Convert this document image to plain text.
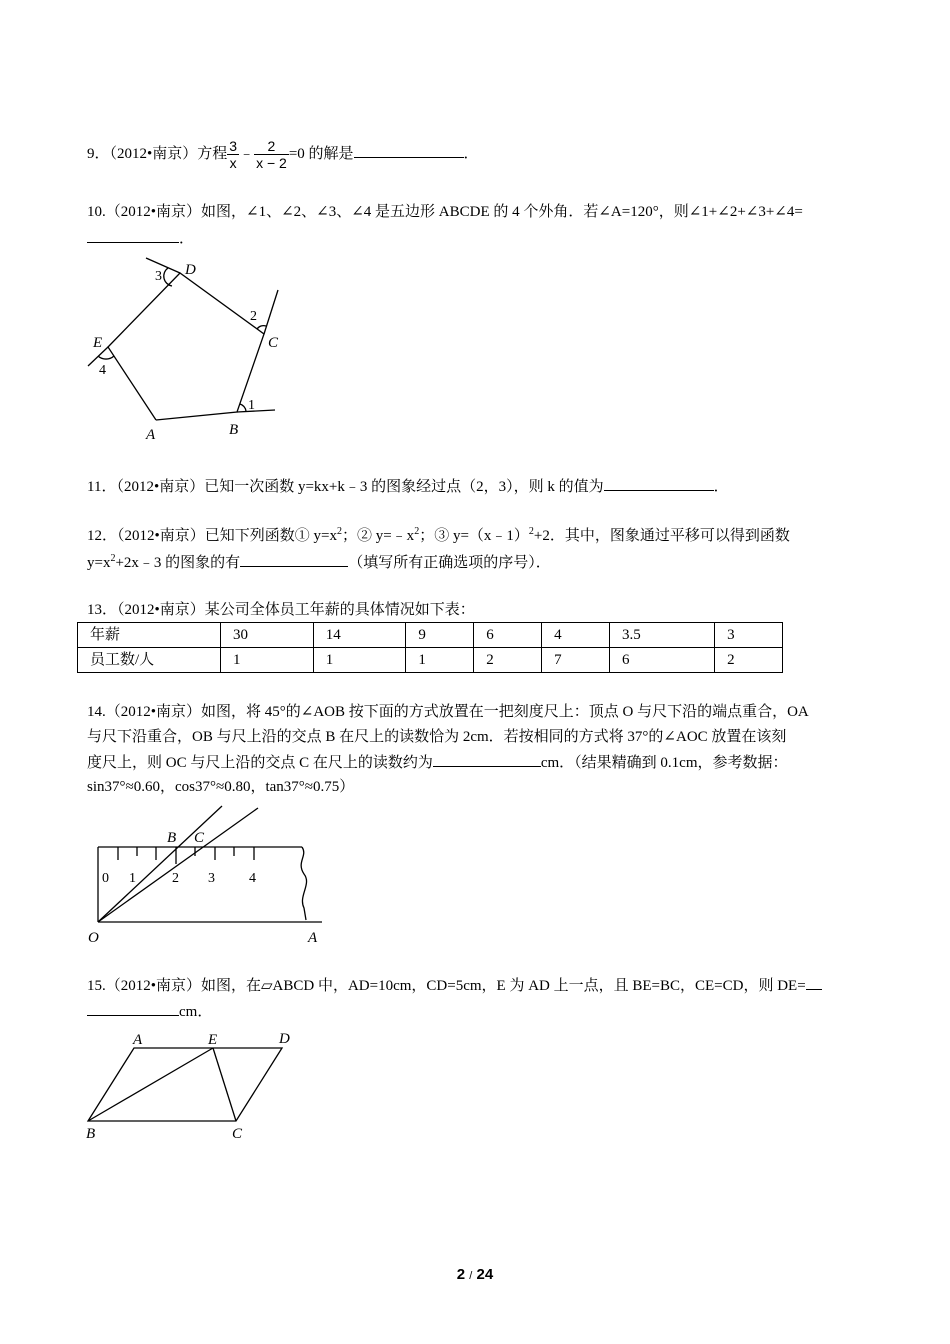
9．（2012•南京）方程 $\frac{3}{x}$ ﹣ $\frac{2}{x - 2} =0$ 的解是	．
10.（2012•南京）如图，∠1、∠2、∠3、∠4 是五边形 ABCDE 的 4 个外角．若∠A=120°，则∠1+∠2+∠3+∠4=
．
A	B
C
D
E
1
2
3
4
11．（2012•南京）已知一次函数 y=kx+k﹣3 的图象经过点（2，3），则 k 的值为	．
12．（2012•南京）已知下列函数① $y=x^2$；② $y=﹣x^2$；③ y=（x﹣1）$^2$+2．其中，图象通过平移可以得到函数
$y=x^2+2x﹣3$ 的图象的有	（填写所有正确选项的序号）．
13．（2012•南京）某公司全体员工年薪的具体情况如下表：
年薪	30	14	9	6	4	3.5	3
员工数/人	1	1	1	2	7	6	2
14.（2012•南京）如图，将 45°的∠AOB 按下面的方式放置在一把刻度尺上：顶点 O 与尺下沿的端点重合，OA
与尺下沿重合，OB 与尺上沿的交点 B 在尺上的读数恰为 2cm．若按相同的方式将 37°的∠AOC 放置在该刻
度尺上，则 OC 与尺上沿的交点 C 在尺上的读数约为	cm．（结果精确到 0.1cm，参考数据：
sin37°≈0.60，cos37°≈0.80，tan37°≈0.75）
0 1	2 3 4
O	A
B C
15.（2012•南京）如图，在▱ABCD 中，AD=10cm，CD=5cm，E 为 AD 上一点，且 BE=BC，CE=CD，则 DE=
cm．
A	E	D
B	C
2 / 24
